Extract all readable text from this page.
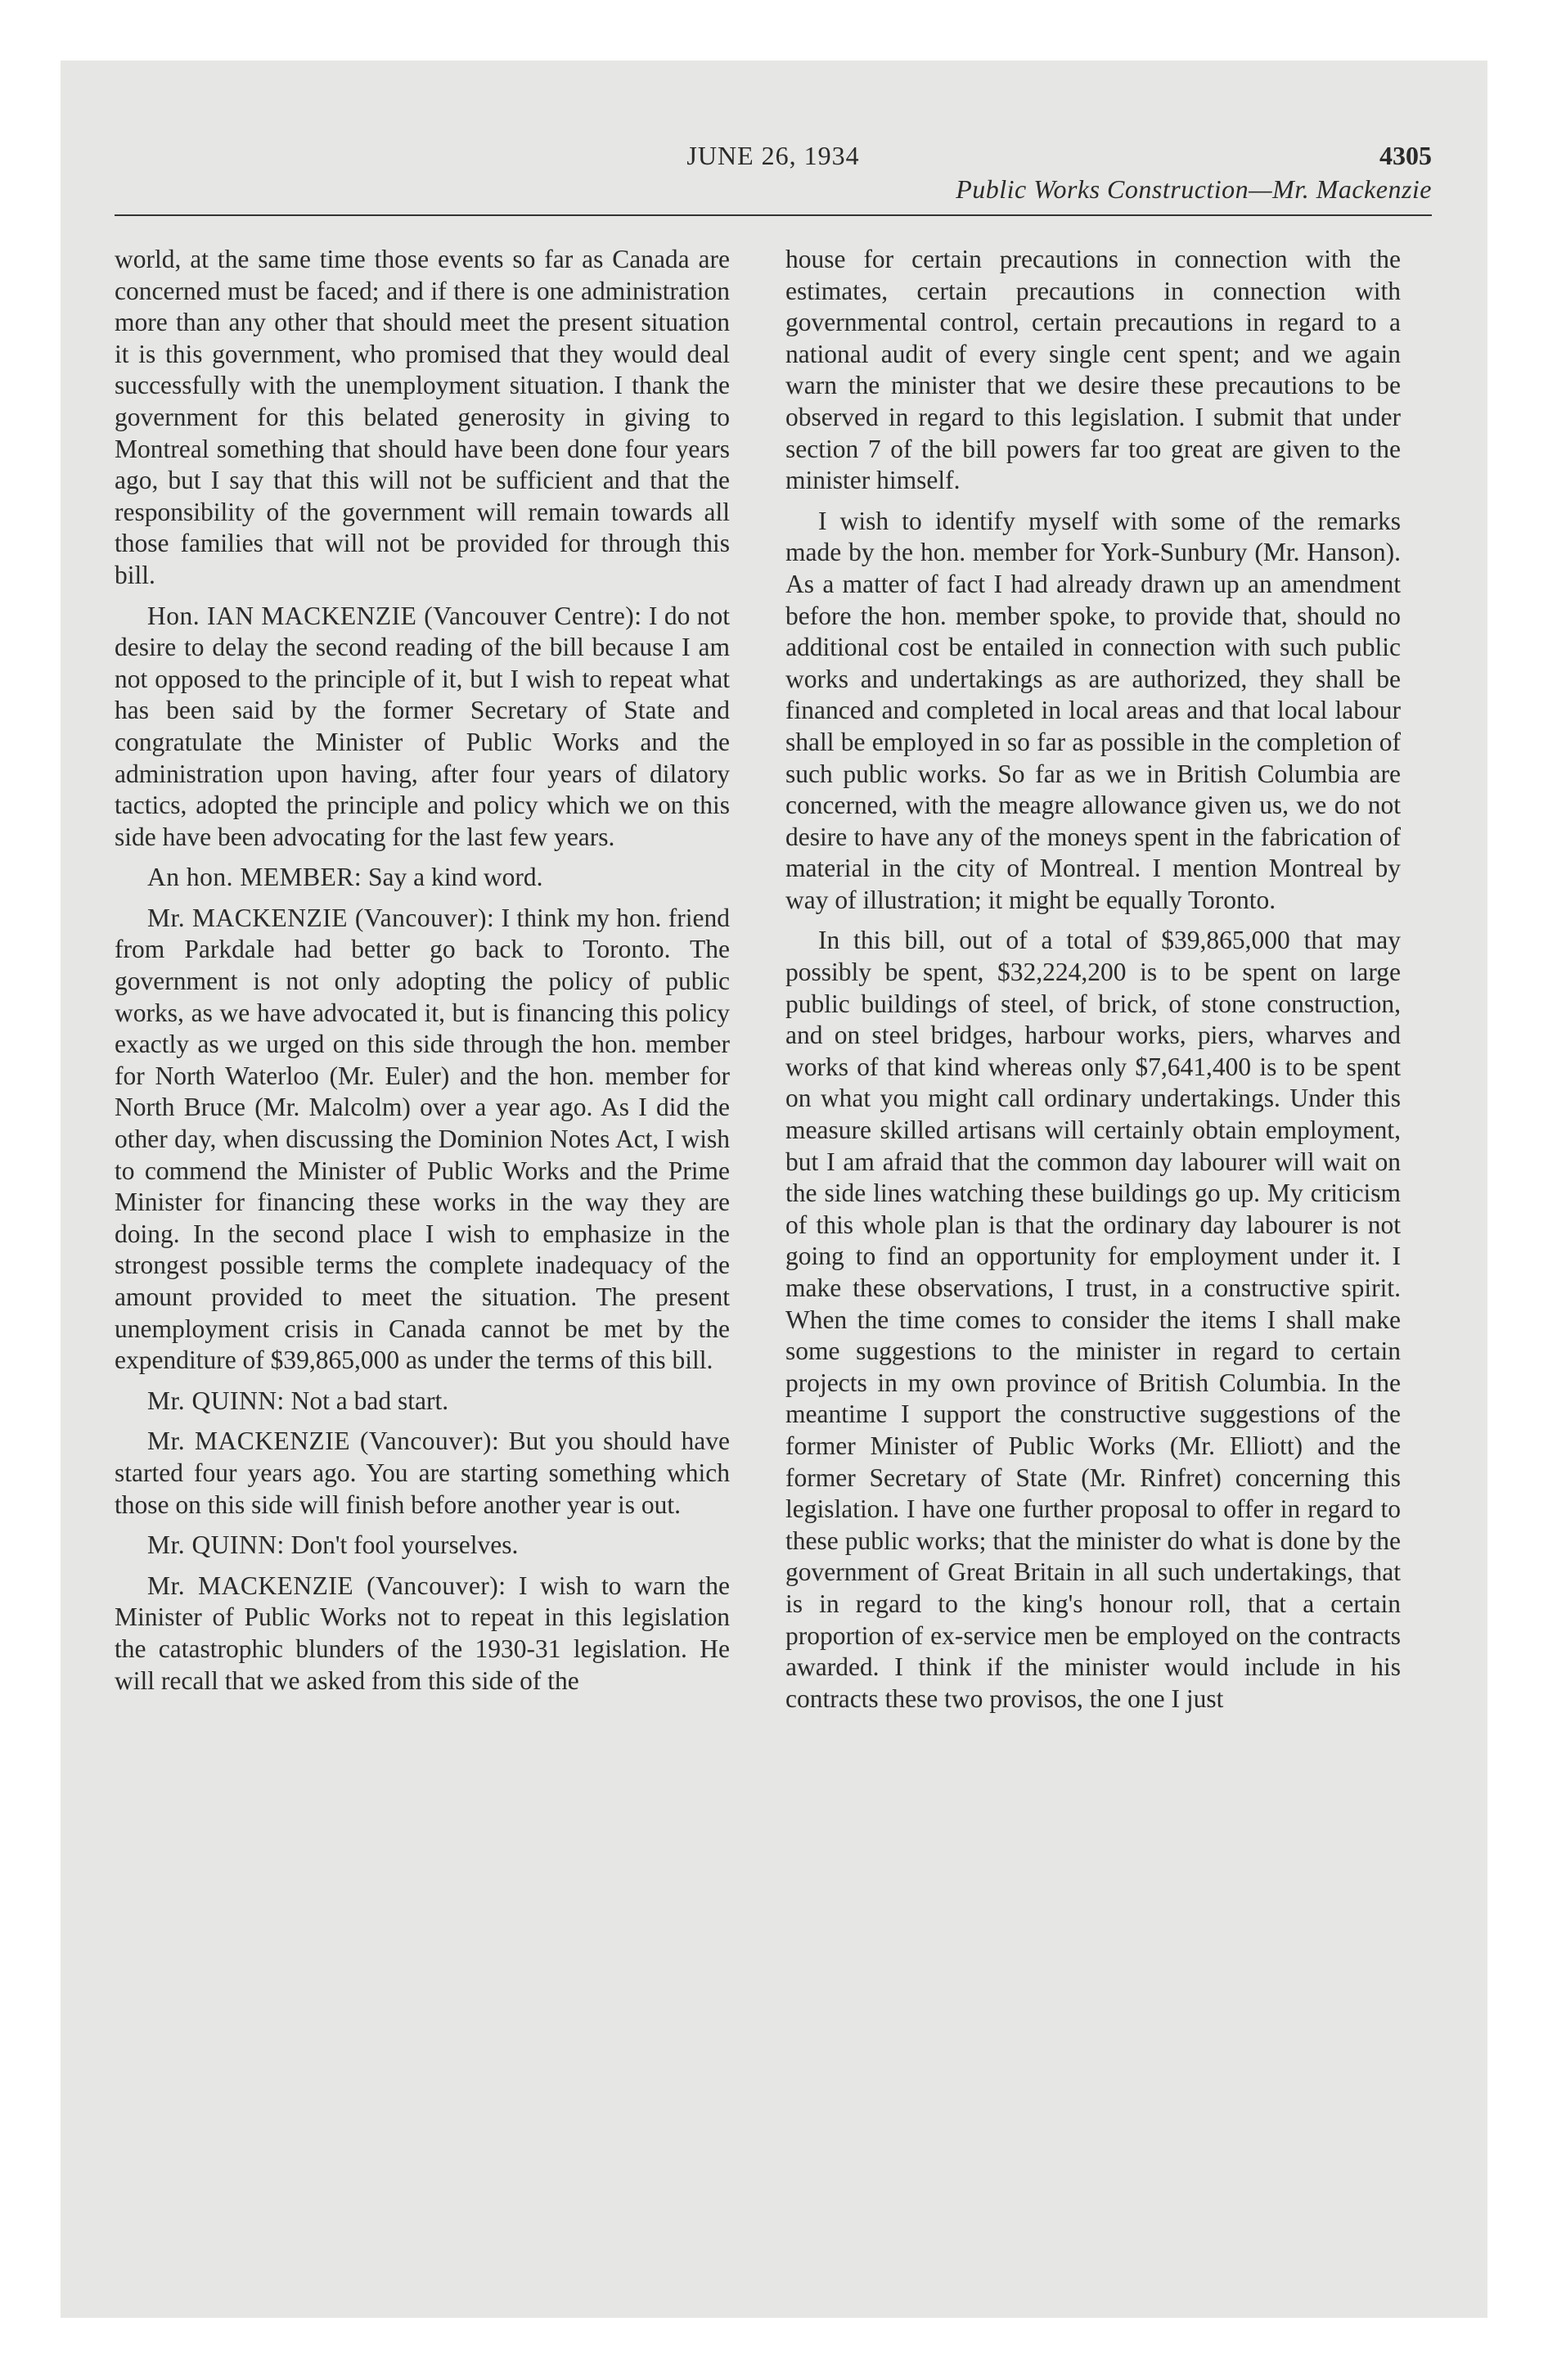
JUNE 26, 1934	4305
Public Works Construction—Mr. Mackenzie

world, at the same time those events so far as Canada are concerned must be faced; and if there is one administration more than any other that should meet the present situation it is this government, who promised that they would deal successfully with the unemployment situation. I thank the government for this belated generosity in giving to Montreal something that should have been done four years ago, but I say that this will not be sufficient and that the responsibility of the government will remain towards all those families that will not be provided for through this bill.

Hon. IAN MACKENZIE (Vancouver Centre): I do not desire to delay the second reading of the bill because I am not opposed to the principle of it, but I wish to repeat what has been said by the former Secretary of State and congratulate the Minister of Public Works and the administration upon having, after four years of dilatory tactics, adopted the principle and policy which we on this side have been advocating for the last few years.

An hon. MEMBER: Say a kind word.

Mr. MACKENZIE (Vancouver): I think my hon. friend from Parkdale had better go back to Toronto. The government is not only adopting the policy of public works, as we have advocated it, but is financing this policy exactly as we urged on this side through the hon. member for North Waterloo (Mr. Euler) and the hon. member for North Bruce (Mr. Malcolm) over a year ago. As I did the other day, when discussing the Dominion Notes Act, I wish to commend the Minister of Public Works and the Prime Minister for financing these works in the way they are doing. In the second place I wish to emphasize in the strongest possible terms the complete inadequacy of the amount provided to meet the situation. The present unemployment crisis in Canada cannot be met by the expenditure of $39,865,000 as under the terms of this bill.

Mr. QUINN: Not a bad start.

Mr. MACKENZIE (Vancouver): But you should have started four years ago. You are starting something which those on this side will finish before another year is out.

Mr. QUINN: Don't fool yourselves.

Mr. MACKENZIE (Vancouver): I wish to warn the Minister of Public Works not to repeat in this legislation the catastrophic blunders of the 1930-31 legislation. He will recall that we asked from this side of the

house for certain precautions in connection with the estimates, certain precautions in connection with governmental control, certain precautions in regard to a national audit of every single cent spent; and we again warn the minister that we desire these precautions to be observed in regard to this legislation. I submit that under section 7 of the bill powers far too great are given to the minister himself.

I wish to identify myself with some of the remarks made by the hon. member for York-Sunbury (Mr. Hanson). As a matter of fact I had already drawn up an amendment before the hon. member spoke, to provide that, should no additional cost be entailed in connection with such public works and undertakings as are authorized, they shall be financed and completed in local areas and that local labour shall be employed in so far as possible in the completion of such public works. So far as we in British Columbia are concerned, with the meagre allowance given us, we do not desire to have any of the moneys spent in the fabrication of material in the city of Montreal. I mention Montreal by way of illustration; it might be equally Toronto.

In this bill, out of a total of $39,865,000 that may possibly be spent, $32,224,200 is to be spent on large public buildings of steel, of brick, of stone construction, and on steel bridges, harbour works, piers, wharves and works of that kind whereas only $7,641,400 is to be spent on what you might call ordinary undertakings. Under this measure skilled artisans will certainly obtain employment, but I am afraid that the common day labourer will wait on the side lines watching these buildings go up. My criticism of this whole plan is that the ordinary day labourer is not going to find an opportunity for employment under it. I make these observations, I trust, in a constructive spirit. When the time comes to consider the items I shall make some suggestions to the minister in regard to certain projects in my own province of British Columbia. In the meantime I support the constructive suggestions of the former Minister of Public Works (Mr. Elliott) and the former Secretary of State (Mr. Rinfret) concerning this legislation. I have one further proposal to offer in regard to these public works; that the minister do what is done by the government of Great Britain in all such undertakings, that is in regard to the king's honour roll, that a certain proportion of ex-service men be employed on the contracts awarded. I think if the minister would include in his contracts these two provisos, the one I just
